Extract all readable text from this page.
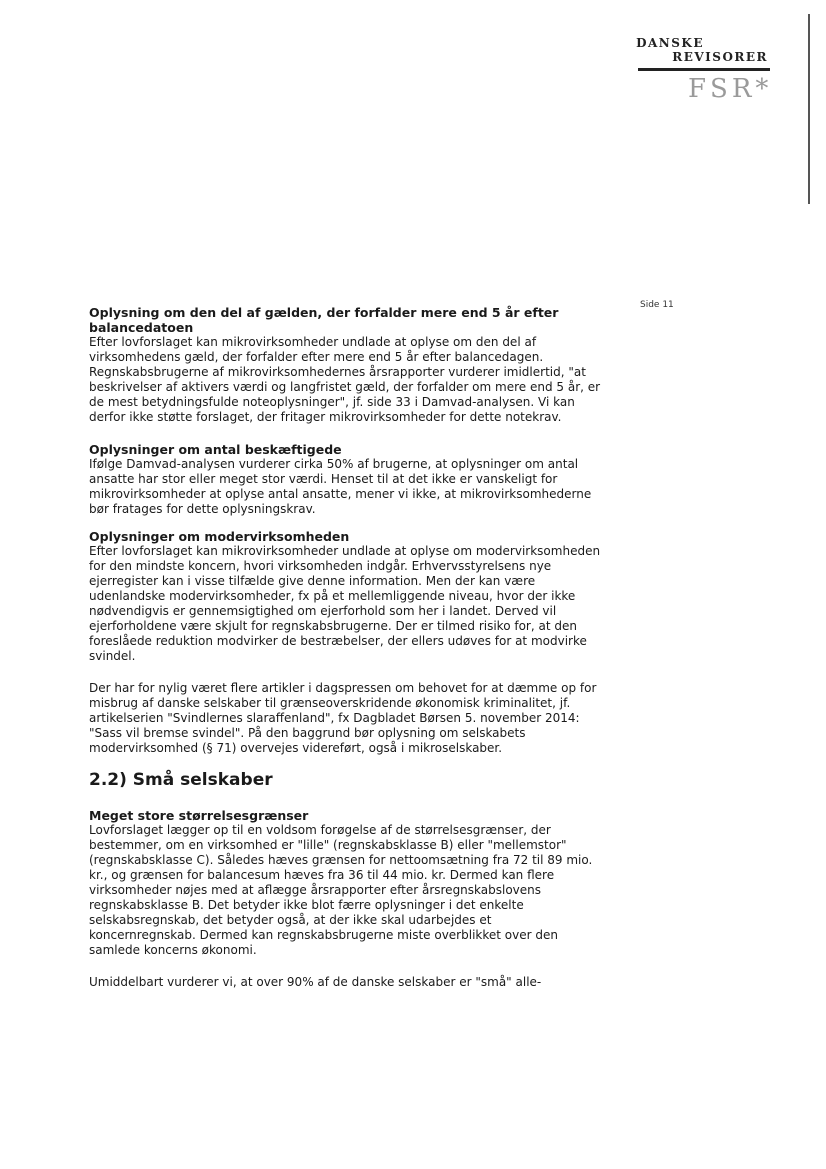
DANSKE
REVISORER
FSR*
Side 11

Oplysning om den del af gælden, der forfalder mere end 5 år efter balancedatoen

Efter lovforslaget kan mikrovirksomheder undlade at oplyse om den del af virksomhedens gæld, der forfalder efter mere end 5 år efter balancedagen. Regnskabsbrugerne af mikrovirksomhedernes årsrapporter vurderer imidlertid, "at beskrivelser af aktivers værdi og langfristet gæld, der forfalder om mere end 5 år, er de mest betydningsfulde noteoplysninger", jf. side 33 i Damvad-analysen. Vi kan derfor ikke støtte forslaget, der fritager mikrovirksomheder for dette notekrav.

Oplysninger om antal beskæftigede

Ifølge Damvad-analysen vurderer cirka 50% af brugerne, at oplysninger om antal ansatte har stor eller meget stor værdi. Henset til at det ikke er vanskeligt for mikrovirksomheder at oplyse antal ansatte, mener vi ikke, at mikrovirksomhederne bør fratages for dette oplysningskrav.

Oplysninger om modervirksomheden

Efter lovforslaget kan mikrovirksomheder undlade at oplyse om modervirksomheden for den mindste koncern, hvori virksomheden indgår. Erhvervsstyrelsens nye ejerregister kan i visse tilfælde give denne information. Men der kan være udenlandske modervirksomheder, fx på et mellemliggende niveau, hvor der ikke nødvendigvis er gennemsigtighed om ejerforhold som her i landet. Derved vil ejerforholdene være skjult for regnskabsbrugerne. Der er tilmed risiko for, at den foreslåede reduktion modvirker de bestræbelser, der ellers udøves for at modvirke svindel.

Der har for nylig været flere artikler i dagspressen om behovet for at dæmme op for misbrug af danske selskaber til grænseoverskridende økonomisk kriminalitet, jf. artikelserien "Svindlernes slaraffenland", fx Dagbladet Børsen 5. november 2014: "Sass vil bremse svindel". På den baggrund bør oplysning om selskabets modervirksomhed (§ 71) overvejes videreført, også i mikroselskaber.

2.2) Små selskaber

Meget store størrelsesgrænser

Lovforslaget lægger op til en voldsom forøgelse af de størrelsesgrænser, der bestemmer, om en virksomhed er "lille" (regnskabsklasse B) eller "mellemstor" (regnskabsklasse C). Således hæves grænsen for nettoomsætning fra 72 til 89 mio. kr., og grænsen for balancesum hæves fra 36 til 44 mio. kr. Dermed kan flere virksomheder nøjes med at aflægge årsrapporter efter årsregnskabslovens regnskabsklasse B. Det betyder ikke blot færre oplysninger i det enkelte selskabsregnskab, det betyder også, at der ikke skal udarbejdes et koncernregnskab. Dermed kan regnskabsbrugerne miste overblikket over den samlede koncerns økonomi.

Umiddelbart vurderer vi, at over 90% af de danske selskaber er "små" alle-
